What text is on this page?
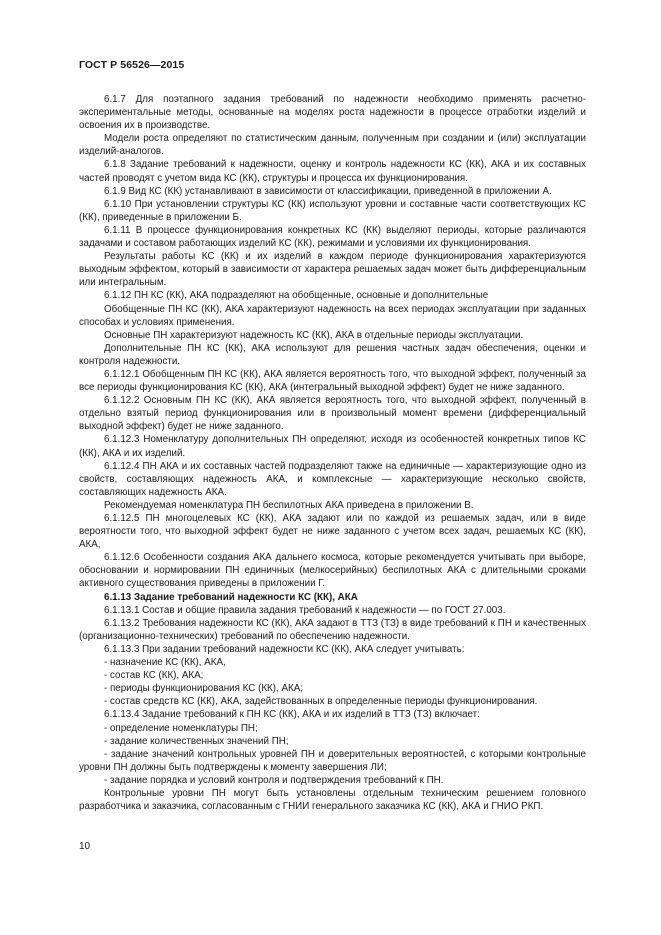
ГОСТ Р 56526—2015

6.1.7 Для поэтапного задания требований по надежности необходимо применять расчетно-экспериментальные методы, основанные на моделях роста надежности в процессе отработки изделий и освоения их в производстве.

Модели роста определяют по статистическим данным, полученным при создании и (или) эксплуатации изделий-аналогов.

6.1.8 Задание требований к надежности, оценку и контроль надежности КС (КК), АКА и их составных частей проводят с учетом вида КС (КК), структуры и процесса их функционирования.

6.1.9 Вид КС (КК) устанавливают в зависимости от классификации, приведенной в приложении А.

6.1.10 При установлении структуры КС (КК) используют уровни и составные части соответствующих КС (КК), приведенные в приложении Б.

6.1.11 В процессе функционирования конкретных КС (КК) выделяют периоды, которые различаются задачами и составом работающих изделий КС (КК), режимами и условиями их функционирования.

Результаты работы КС (КК) и их изделий в каждом периоде функционирования характеризуются выходным эффектом, который в зависимости от характера решаемых задач может быть дифференциальным или интегральным.

6.1.12 ПН КС (КК), АКА подразделяют на обобщенные, основные и дополнительные

Обобщенные ПН КС (КК), АКА характеризуют надежность на всех периодах эксплуатации при заданных способах и условиях применения.

Основные ПН характеризуют надежность КС (КК), АКА в отдельные периоды эксплуатации.

Дополнительные ПН КС (КК), АКА используют для решения частных задач обеспечения, оценки и контроля надежности.

6.1.12.1 Обобщенным ПН КС (КК), АКА является вероятность того, что выходной эффект, полученный за все периоды функционирования КС (КК), АКА (интегральный выходной эффект) будет не ниже заданного.

6.1.12.2 Основным ПН КС (КК), АКА является вероятность того, что выходной эффект, полученный в отдельно взятый период функционирования или в произвольный момент времени (дифференциальный выходной эффект) будет не ниже заданного.

6.1.12.3 Номенклатуру дополнительных ПН определяют, исходя из особенностей конкретных типов КС (КК), АКА и их изделий.

6.1.12.4 ПН АКА и их составных частей подразделяют также на единичные — характеризующие одно из свойств, составляющих надежность АКА, и комплексные — характеризующие несколько свойств, составляющих надежность АКА.

Рекомендуемая номенклатура ПН беспилотных АКА приведена в приложении В.

6.1.12.5 ПН многоцелевых КС (КК), АКА задают или по каждой из решаемых задач, или в виде вероятности того, что выходной эффект будет не ниже заданного с учетом всех задач, решаемых КС (КК), АКА,

6.1.12.6 Особенности создания АКА дальнего космоса, которые рекомендуется учитывать при выборе, обосновании и нормировании ПН единичных (мелкосерийных) беспилотных АКА с длительными сроками активного существования приведены в приложении Г.

6.1.13 Задание требований надежности КС (КК), АКА

6.1.13.1 Состав и общие правила задания требований к надежности — по ГОСТ 27.003.

6.1.13.2 Требования надежности КС (КК), АКА задают в ТТЗ (ТЗ) в виде требований к ПН и качественных (организационно-технических) требований по обеспечению надежности.

6.1.13.3 При задании требований надежности КС (КК), АКА следует учитывать:

- назначение КС (КК), АКА,

- состав КС (КК), АКА;

- периоды функционирования КС (КК), АКА;

- состав средств КС (КК), АКА, задействованных в определенные периоды функционирования.

6.1.13.4 Задание требований к ПН КС (КК), АКА и их изделий в ТТЗ (ТЗ) включает:

- определение номенклатуры ПН;

- задание количественных значений ПН;

- задание значений контрольных уровней ПН и доверительных вероятностей, с которыми контрольные уровни ПН должны быть подтверждены к моменту завершения ЛИ;

- задание порядка и условий контроля и подтверждения требований к ПН.

Контрольные уровни ПН могут быть установлены отдельным техническим решением головного разработчика и заказчика, согласованным с ГНИИ генерального заказчика КС (КК), АКА и ГНИО РКП.

10
